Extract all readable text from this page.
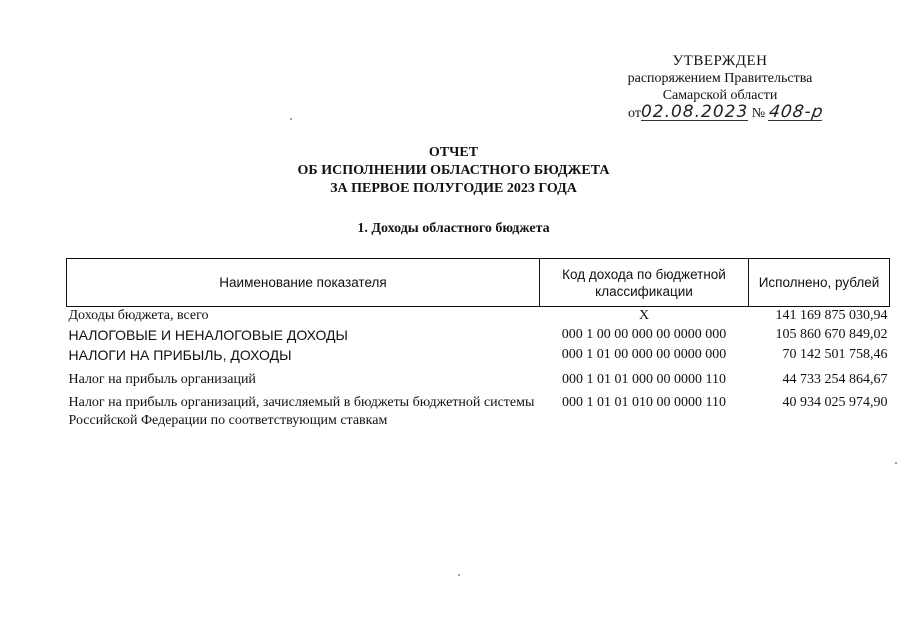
УТВЕРЖДЕН
распоряжением Правительства
Самарской области
от02.08.2023 № 408-р
ОТЧЕТ
ОБ ИСПОЛНЕНИИ ОБЛАСТНОГО БЮДЖЕТА
ЗА ПЕРВОЕ ПОЛУГОДИЕ 2023 ГОДА
1. Доходы областного бюджета
Наименование показателя	Код дохода по бюджетной классификации	Исполнено, рублей
Доходы бюджета, всего	Х	141 169 875 030,94
НАЛОГОВЫЕ И НЕНАЛОГОВЫЕ ДОХОДЫ	000 1 00 00 000 00 0000 000	105 860 670 849,02
НАЛОГИ НА ПРИБЫЛЬ, ДОХОДЫ	000 1 01 00 000 00 0000 000	70 142 501 758,46
Налог на прибыль организаций	000 1 01 01 000 00 0000 110	44 733 254 864,67
Налог на прибыль организаций, зачисляемый в бюджеты бюджетной системы Российской Федерации по соответствующим ставкам	000 1 01 01 010 00 0000 110	40 934 025 974,90
